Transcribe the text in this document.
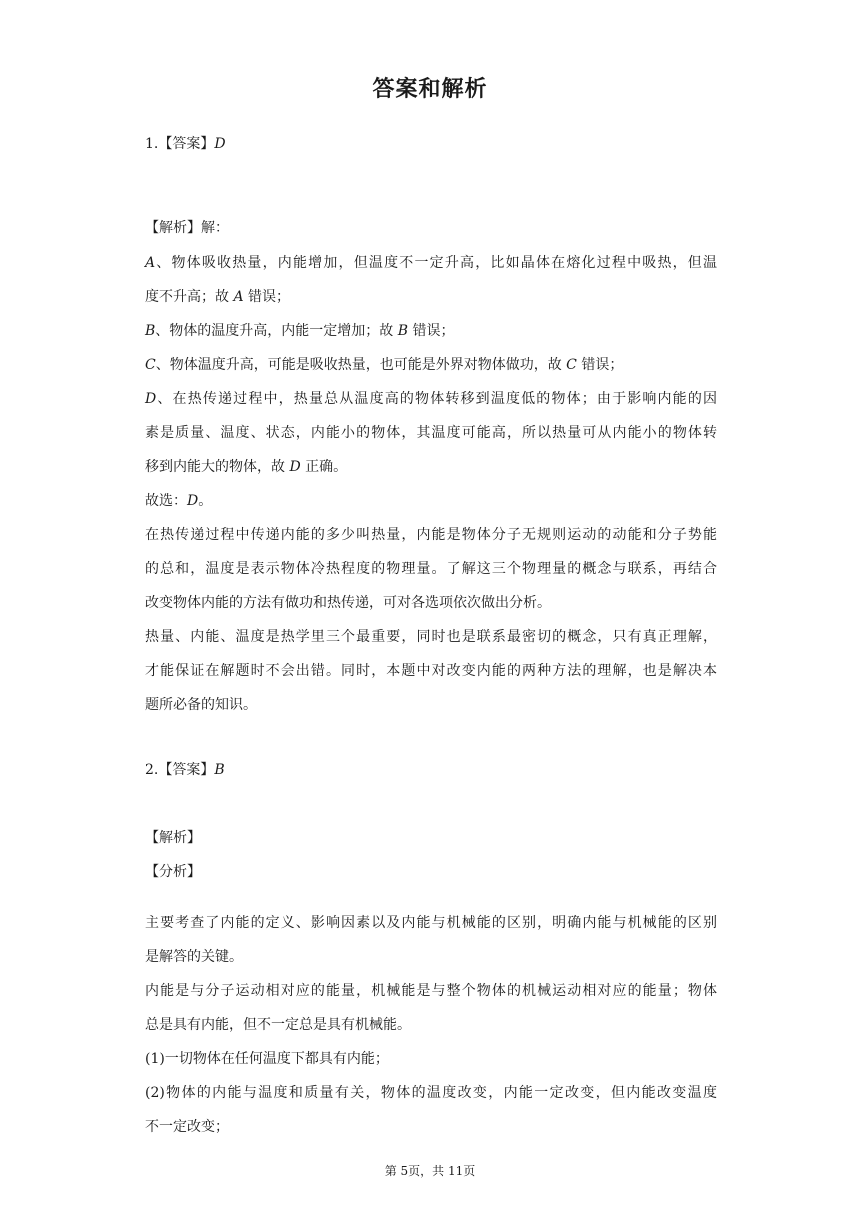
答案和解析
1.【答案】D
【解析】解：
A、物体吸收热量，内能增加，但温度不一定升高，比如晶体在熔化过程中吸热，但温
度不升高；故 A 错误；
B、物体的温度升高，内能一定增加；故 B 错误；
C、物体温度升高，可能是吸收热量，也可能是外界对物体做功，故 C 错误；
D、在热传递过程中，热量总从温度高的物体转移到温度低的物体；由于影响内能的因
素是质量、温度、状态，内能小的物体，其温度可能高，所以热量可从内能小的物体转
移到内能大的物体，故 D 正确。
故选：D。
在热传递过程中传递内能的多少叫热量，内能是物体分子无规则运动的动能和分子势能
的总和，温度是表示物体冷热程度的物理量。了解这三个物理量的概念与联系，再结合
改变物体内能的方法有做功和热传递，可对各选项依次做出分析。
热量、内能、温度是热学里三个最重要，同时也是联系最密切的概念，只有真正理解，
才能保证在解题时不会出错。同时，本题中对改变内能的两种方法的理解，也是解决本
题所必备的知识。
2.【答案】B
【解析】
【分析】
主要考查了内能的定义、影响因素以及内能与机械能的区别，明确内能与机械能的区别
是解答的关键。
内能是与分子运动相对应的能量，机械能是与整个物体的机械运动相对应的能量；物体
总是具有内能，但不一定总是具有机械能。
(1)一切物体在任何温度下都具有内能；
(2)物体的内能与温度和质量有关，物体的温度改变，内能一定改变，但内能改变温度
不一定改变；
第 5页，共 11页
